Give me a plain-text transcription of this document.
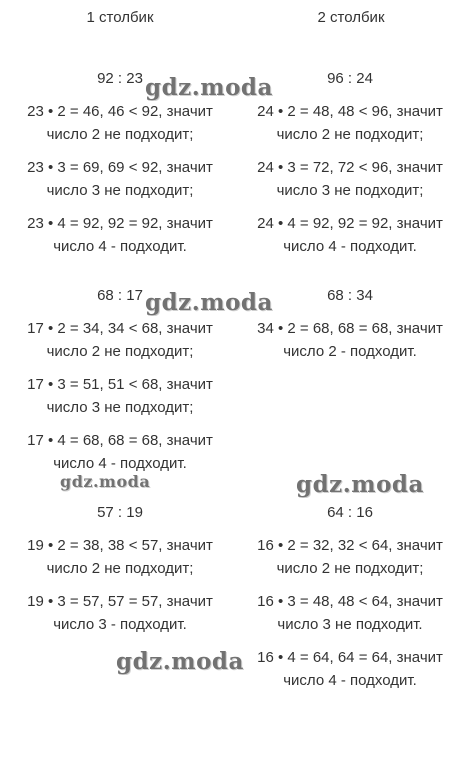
1 столбик	2 столбик
92 : 23
23 • 2 = 46, 46 < 92, значит
число 2 не подходит;
23 • 3 = 69, 69 < 92, значит
число 3 не подходит;
23 • 4 = 92, 92 = 92, значит
число 4 - подходит.
96 : 24
24 • 2 = 48, 48 < 96, значит
число 2 не подходит;
24 • 3 = 72, 72 < 96, значит
число 3 не подходит;
24 • 4 = 92, 92 = 92, значит
число 4 - подходит.
68 : 17
17 • 2 = 34, 34 < 68, значит
число 2 не подходит;
17 • 3 = 51, 51 < 68, значит
число 3 не подходит;
17 • 4 = 68, 68 = 68, значит
число 4 - подходит.
68 : 34
34 • 2 = 68, 68 = 68, значит
число 2 - подходит.
57 : 19
19 • 2 = 38, 38 < 57, значит
число 2 не подходит;
19 • 3 = 57, 57 = 57, значит
число 3 - подходит.
64 : 16
16 • 2 = 32, 32 < 64, значит
число 2 не подходит;
16 • 3 = 48, 48 < 64, значит
число 3 не подходит.
16 • 4 = 64, 64 = 64, значит
число 4 - подходит.
gdz.moda
gdz.moda
gdz.moda	gdz.moda
gdz.moda
